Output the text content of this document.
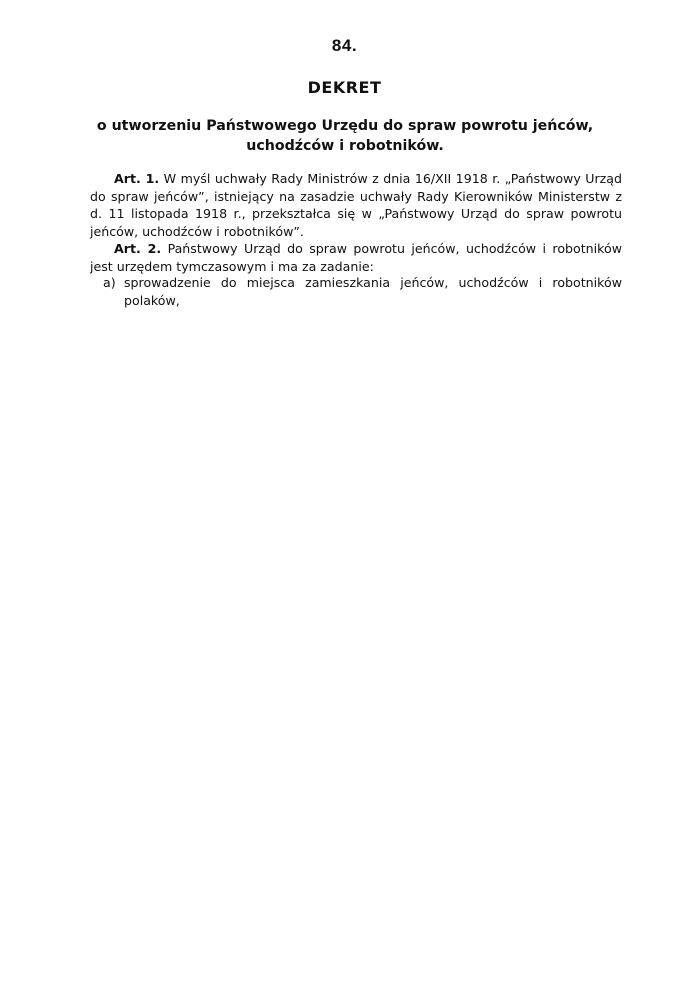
84.
DEKRET
o utworzeniu Państwowego Urzędu do spraw powrotu jeńców, uchodźców i robotników.

Art. 1. W myśl uchwały Rady Ministrów z dnia 16/XII 1918 r. „Państwowy Urząd do spraw jeńców”, istniejący na zasadzie uchwały Rady Kierowników Ministerstw z d. 11 listopada 1918 r., przekształca się w „Państwowy Urząd do spraw powrotu jeńców, uchodźców i robotników”.

Art. 2. Państwowy Urząd do spraw powrotu jeńców, uchodźców i robotników jest urzędem tymczasowym i ma za zadanie:

a) sprowadzenie do miejsca zamieszkania jeńców, uchodźców i robotników polaków,
